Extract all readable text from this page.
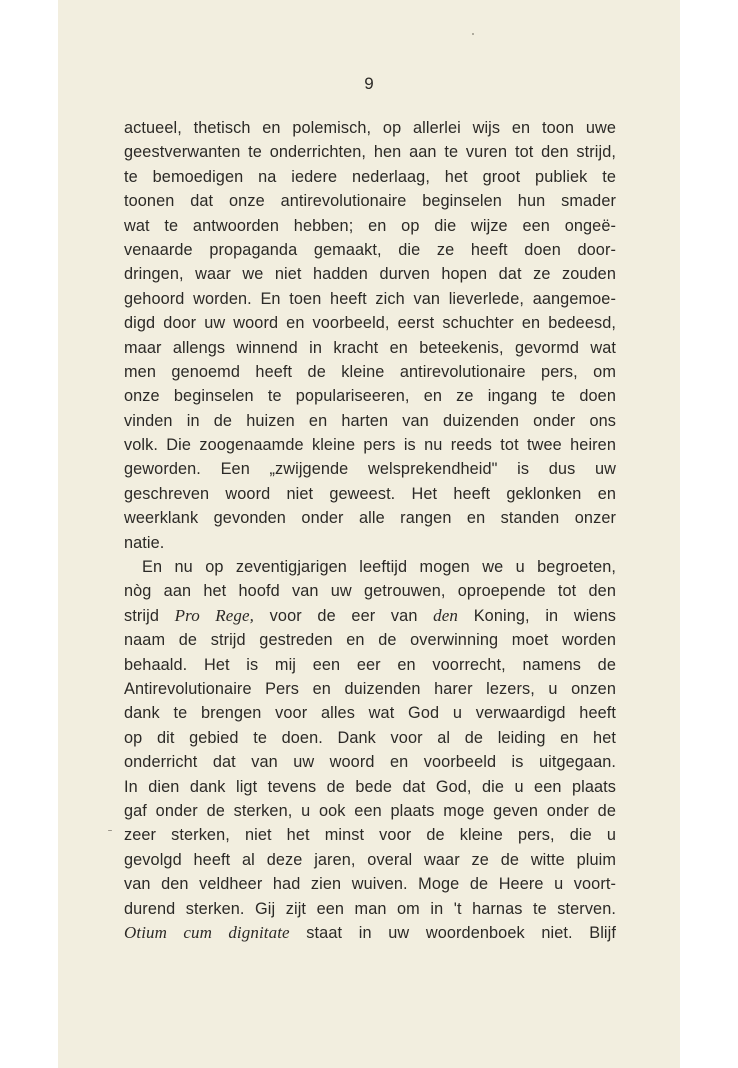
9
actueel, thetisch en polemisch, op allerlei wijs en toon uwe
geestverwanten te onderrichten, hen aan te vuren tot den strijd,
te bemoedigen na iedere nederlaag, het groot publiek te
toonen dat onze antirevolutionaire beginselen hun smader
wat te antwoorden hebben; en op die wijze een ongeë-
venaarde propaganda gemaakt, die ze heeft doen door-
dringen, waar we niet hadden durven hopen dat ze zouden
gehoord worden. En toen heeft zich van lieverlede, aangemoe-
digd door uw woord en voorbeeld, eerst schuchter en bedeesd,
maar allengs winnend in kracht en beteekenis, gevormd wat
men genoemd heeft de kleine antirevolutionaire pers, om
onze beginselen te populariseeren, en ze ingang te doen
vinden in de huizen en harten van duizenden onder ons
volk. Die zoogenaamde kleine pers is nu reeds tot twee heiren
geworden. Een „zwijgende welsprekendheid" is dus uw
geschreven woord niet geweest. Het heeft geklonken en
weerklank gevonden onder alle rangen en standen onzer
natie.
En nu op zeventigjarigen leeftijd mogen we u begroeten,
nòg aan het hoofd van uw getrouwen, oproepende tot den
strijd Pro Rege, voor de eer van den Koning, in wiens
naam de strijd gestreden en de overwinning moet worden
behaald. Het is mij een eer en voorrecht, namens de
Antirevolutionaire Pers en duizenden harer lezers, u onzen
dank te brengen voor alles wat God u verwaardigd heeft
op dit gebied te doen. Dank voor al de leiding en het
onderricht dat van uw woord en voorbeeld is uitgegaan.
In dien dank ligt tevens de bede dat God, die u een plaats
gaf onder de sterken, u ook een plaats moge geven onder de
zeer sterken, niet het minst voor de kleine pers, die u
gevolgd heeft al deze jaren, overal waar ze de witte pluim
van den veldheer had zien wuiven. Moge de Heere u voort-
durend sterken. Gij zijt een man om in 't harnas te sterven.
Otium cum dignitate staat in uw woordenboek niet. Blijf
